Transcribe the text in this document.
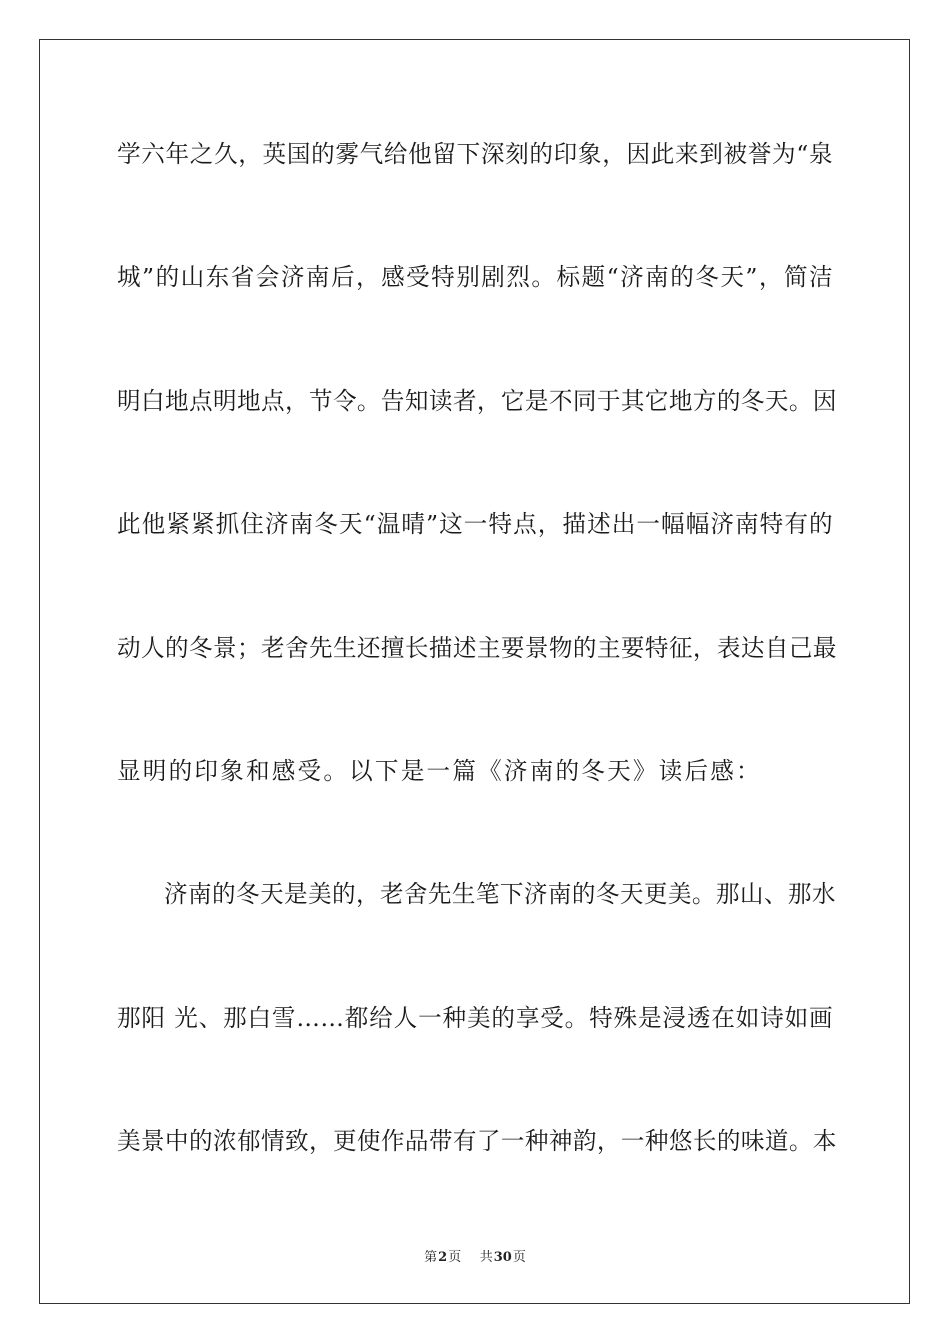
学六年之久，英国的雾气给他留下深刻的印象，因此来到被誉为“泉
城”的山东省会济南后，感受特别剧烈。标题“济南的冬天”，简洁
明白地点明地点，节令。告知读者，它是不同于其它地方的冬天。因
此他紧紧抓住济南冬天“温晴”这一特点，描述出一幅幅济南特有的
动人的冬景；老舍先生还擅长描述主要景物的主要特征，表达自己最
显明的印象和感受。以下是一篇《济南的冬天》读后感：
济南的冬天是美的，老舍先生笔下济南的冬天更美。那山、那水
那阳 光、那白雪……都给人一种美的享受。特殊是浸透在如诗如画
美景中的浓郁情致，更使作品带有了一种神韵，一种悠长的味道。本
第2页 共30页
